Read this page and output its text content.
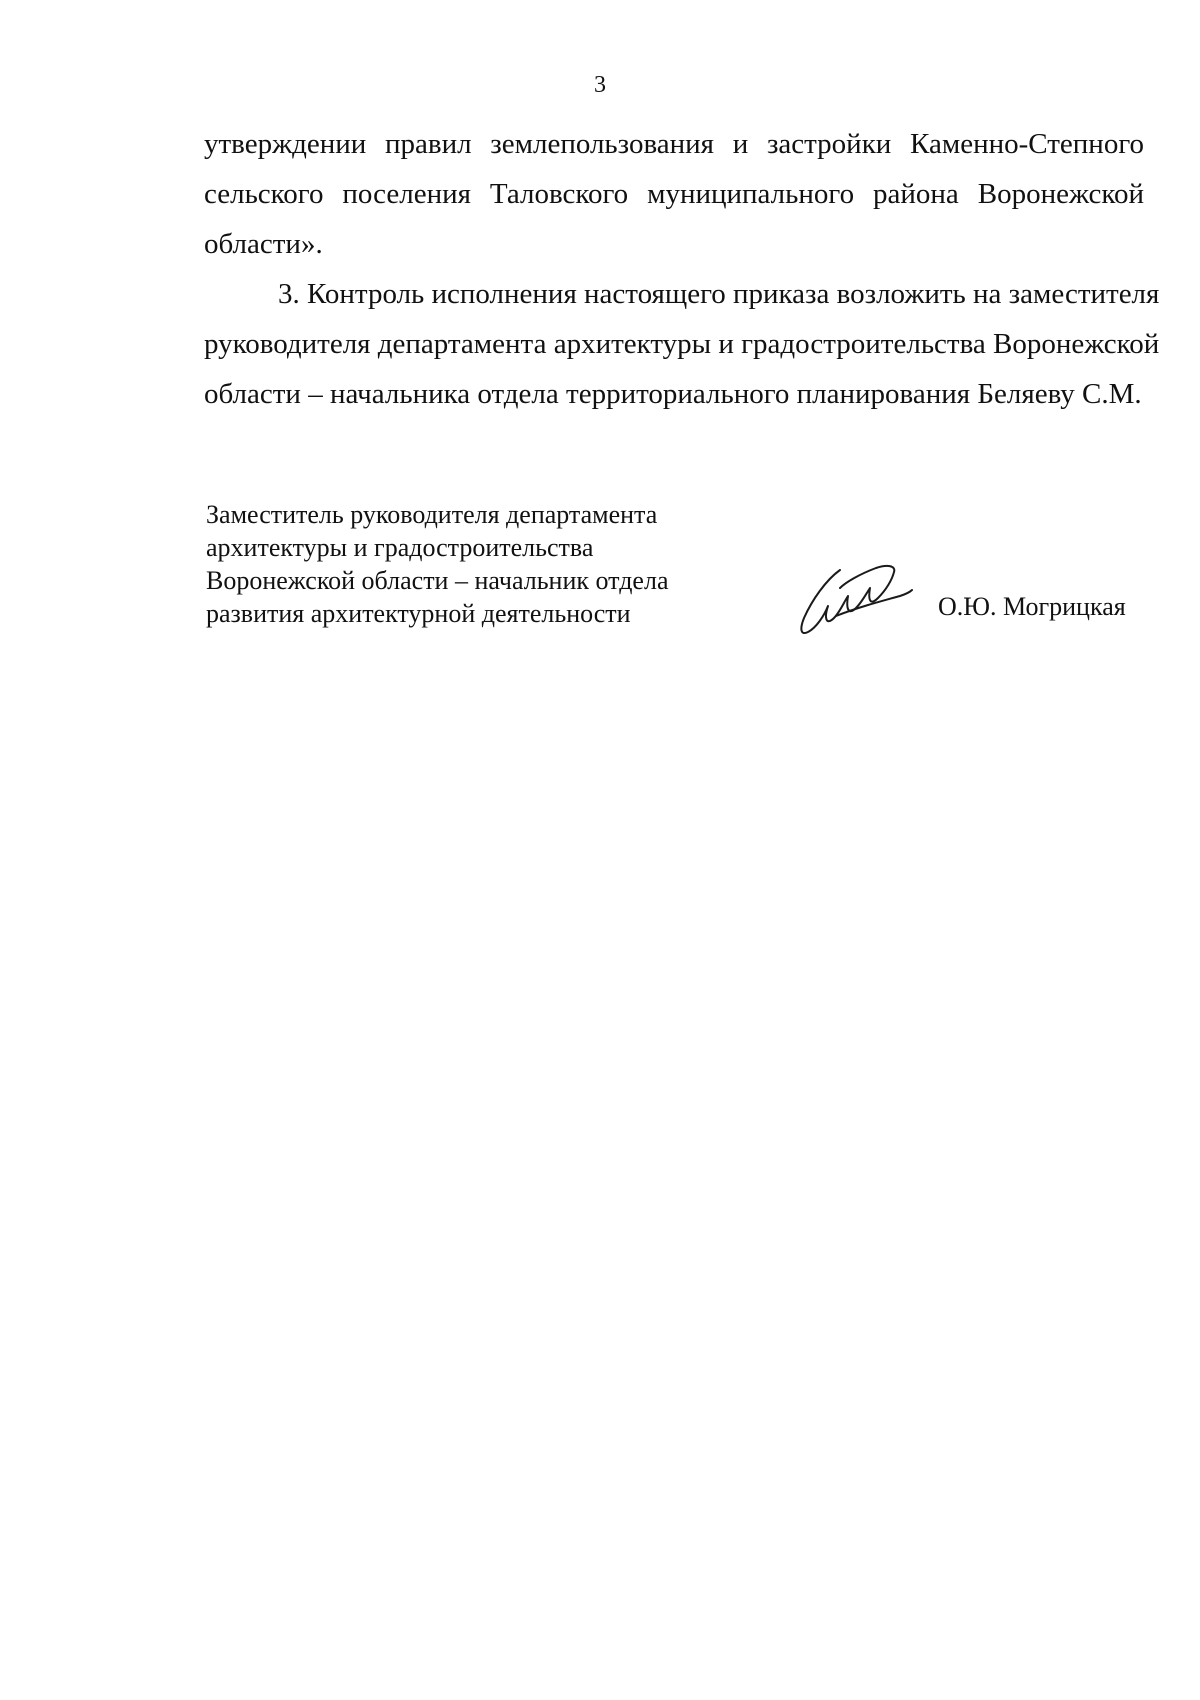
3
утверждении правил землепользования и застройки Каменно-Степного
сельского поселения Таловского муниципального района Воронежской
области».
3. Контроль исполнения настоящего приказа возложить на заместителя
руководителя департамента архитектуры и градостроительства Воронежской
области – начальника отдела территориального планирования Беляеву С.М.
Заместитель руководителя департамента
архитектуры и градостроительства
Воронежской области – начальник отдела
развития архитектурной деятельности	О.Ю. Могрицкая
